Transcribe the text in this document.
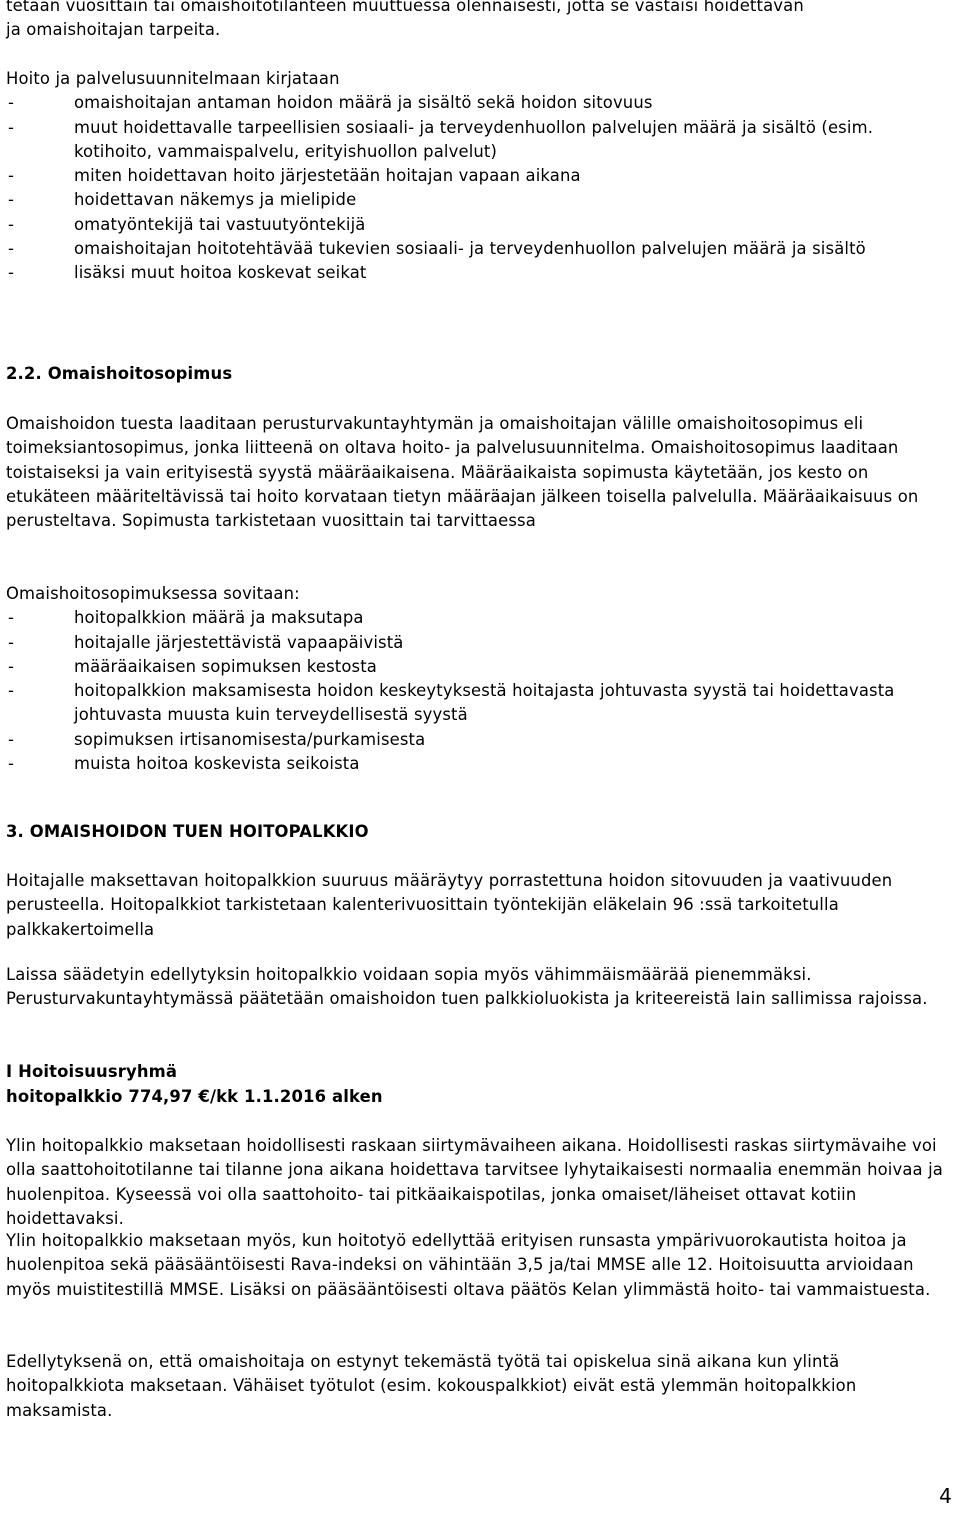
tetaan vuosittain tai omaishoitotilanteen muuttuessa olennaisesti, jotta se vastaisi hoidettavan
ja omaishoitajan tarpeita.
Hoito ja palvelusuunnitelmaan kirjataan
-	omaishoitajan antaman hoidon määrä ja sisältö sekä hoidon sitovuus
-	muut hoidettavalle tarpeellisien sosiaali- ja terveydenhuollon palvelujen määrä ja sisältö (esim. kotihoito, vammaispalvelu, erityishuollon palvelut)
-	miten hoidettavan hoito järjestetään hoitajan vapaan aikana
-	hoidettavan näkemys ja mielipide
-	omatyöntekijä tai vastuutyöntekijä
-	omaishoitajan hoitotehtävää tukevien sosiaali- ja terveydenhuollon palvelujen määrä ja sisältö
-	lisäksi muut hoitoa koskevat seikat
2.2. Omaishoitosopimus
Omaishoidon tuesta laaditaan perusturvakuntayhtymän ja omaishoitajan välille omaishoitosopimus eli toimeksiantosopimus, jonka liitteenä on oltava hoito- ja palvelusuunnitelma. Omaishoitosopimus laaditaan toistaiseksi ja vain erityisestä syystä määräaikaisena. Määräaikaista sopimusta käytetään, jos kesto on etukäteen määriteltävissä tai hoito korvataan tietyn määräajan jälkeen toisella palvelulla. Määräaikaisuus on perusteltava. Sopimusta tarkistetaan vuosittain tai tarvittaessa
Omaishoitosopimuksessa sovitaan:
-	hoitopalkkion määrä ja maksutapa
-	hoitajalle järjestettävistä vapaapäivistä
-	määräaikaisen sopimuksen kestosta
-	hoitopalkkion maksamisesta hoidon keskeytyksestä hoitajasta johtuvasta syystä tai hoidettavasta johtuvasta muusta kuin terveydellisestä syystä
-	sopimuksen irtisanomisesta/purkamisesta
-	muista hoitoa koskevista seikoista
3. OMAISHOIDON TUEN HOITOPALKKIO
Hoitajalle maksettavan hoitopalkkion suuruus määräytyy porrastettuna hoidon sitovuuden ja vaativuuden perusteella. Hoitopalkkiot tarkistetaan kalenterivuosittain työntekijän eläkelain 96 :ssä tarkoitetulla palkkakertoimella
Laissa säädetyin edellytyksin hoitopalkkio voidaan sopia myös vähimmäismäärää pienemmäksi. Perusturvakuntayhtymässä päätetään omaishoidon tuen palkkioluokista ja kriteereistä lain sallimissa rajoissa.
I Hoitoisuusryhmä
hoitopalkkio 774,97 €/kk 1.1.2016 alken
Ylin hoitopalkkio maksetaan hoidollisesti raskaan siirtymävaiheen aikana. Hoidollisesti raskas siirtymävaihe voi olla saattohoitotilanne tai tilanne jona aikana hoidettava tarvitsee lyhytaikaisesti normaalia enemmän hoivaa ja huolenpitoa. Kyseessä voi olla saattohoito- tai pitkäaikaispotilas, jonka omaiset/läheiset ottavat kotiin hoidettavaksi.
Ylin hoitopalkkio maksetaan myös, kun hoitotyö edellyttää erityisen runsasta ympärivuorokautista hoitoa ja huolenpitoa sekä pääsääntöisesti Rava-indeksi on vähintään 3,5 ja/tai MMSE alle 12. Hoitoisuutta arvioidaan myös muistitestillä MMSE. Lisäksi on pääsääntöisesti oltava päätös Kelan ylimmästä hoito- tai vammaistuesta.
Edellytyksenä on, että omaishoitaja on estynyt tekemästä työtä tai opiskelua sinä aikana kun ylintä hoitopalkkiota maksetaan. Vähäiset työtulot (esim. kokouspalkkiot) eivät estä ylemmän hoitopalkkion maksamista.
4
